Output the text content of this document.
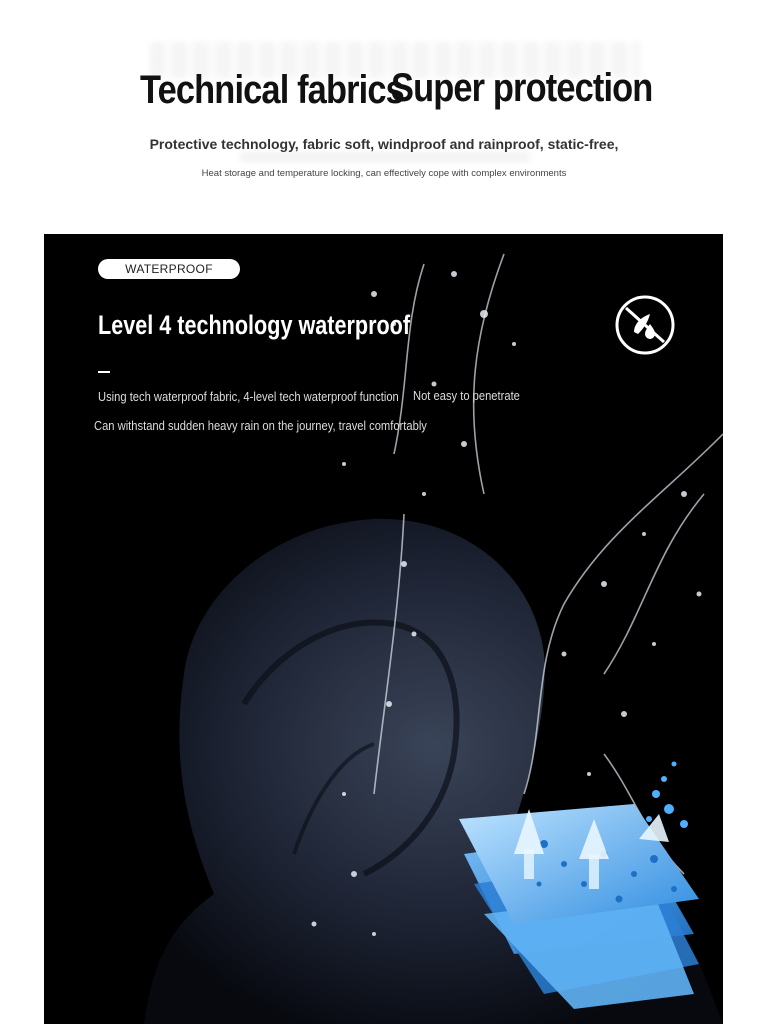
Technical fabrics
Super protection
Protective technology, fabric soft, windproof and rainproof, static-free,
Heat storage and temperature locking, can effectively cope with complex environments
WATERPROOF
Level 4 technology waterproof
Using tech waterproof fabric, 4-level tech waterproof function Not easy to penetrate
Can withstand sudden heavy rain on the journey, travel comfortably
